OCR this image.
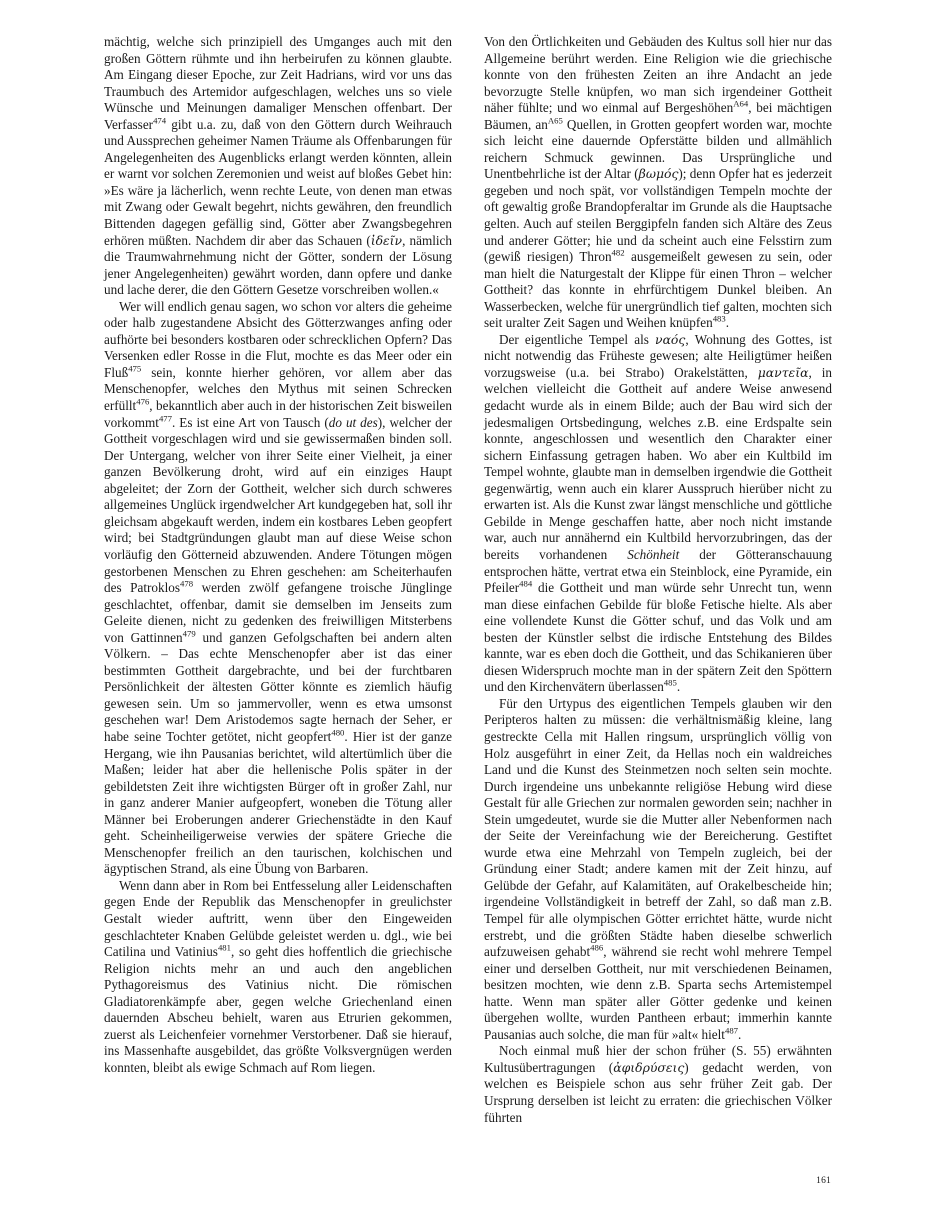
mächtig, welche sich prinzipiell des Umganges auch mit den großen Göttern rühmte und ihn herbeirufen zu können glaubte. Am Eingang dieser Epoche, zur Zeit Hadrians, wird vor uns das Traumbuch des Artemidor aufgeschlagen, welches uns so viele Wünsche und Meinungen damaliger Menschen offenbart. Der Verfasser$^{474}$ gibt u.a. zu, daß von den Göttern durch Weihrauch und Aussprechen geheimer Namen Träume als Offenbarungen für Angelegenheiten des Augenblicks erlangt werden könnten, allein er warnt vor solchen Zeremonien und weist auf bloßes Gebet hin: »Es wäre ja lächerlich, wenn rechte Leute, von denen man etwas mit Zwang oder Gewalt begehrt, nichts gewähren, den freundlich Bittenden dagegen gefällig sind, Götter aber Zwangsbegehren erhören müßten. Nachdem dir aber das Schauen (ἰδεῖν, nämlich die Traumwahrnehmung nicht der Götter, sondern der Lösung jener Angelegenheiten) gewährt worden, dann opfere und danke und lache derer, die den Göttern Gesetze vorschreiben wollen.«

Wer will endlich genau sagen, wo schon vor alters die geheime oder halb zugestandene Absicht des Götterzwanges anfing oder aufhörte bei besonders kostbaren oder schrecklichen Opfern? Das Versenken edler Rosse in die Flut, mochte es das Meer oder ein Fluß$^{475}$ sein, konnte hierher gehören, vor allem aber das Menschenopfer, welches den Mythus mit seinen Schrecken erfüllt$^{476}$, bekanntlich aber auch in der historischen Zeit bisweilen vorkommt$^{477}$. Es ist eine Art von Tausch (do ut des), welcher der Gottheit vorgeschlagen wird und sie gewissermaßen binden soll. Der Untergang, welcher von ihrer Seite einer Vielheit, ja einer ganzen Bevölkerung droht, wird auf ein einziges Haupt abgeleitet; der Zorn der Gottheit, welcher sich durch schweres allgemeines Unglück irgendwelcher Art kundgegeben hat, soll ihr gleichsam abgekauft werden, indem ein kostbares Leben geopfert wird; bei Stadtgründungen glaubt man auf diese Weise schon vorläufig den Götterneid abzuwenden. Andere Tötungen mögen gestorbenen Menschen zu Ehren geschehen: am Scheiterhaufen des Patroklos$^{478}$ werden zwölf gefangene troische Jünglinge geschlachtet, offenbar, damit sie demselben im Jenseits zum Geleite dienen, nicht zu gedenken des freiwilligen Mitsterbens von Gattinnen$^{479}$ und ganzen Gefolgschaften bei andern alten Völkern. – Das echte Menschenopfer aber ist das einer bestimmten Gottheit dargebrachte, und bei der furchtbaren Persönlichkeit der ältesten Götter könnte es ziemlich häufig gewesen sein. Um so jammervoller, wenn es etwa umsonst geschehen war! Dem Aristodemos sagte hernach der Seher, er habe seine Tochter getötet, nicht geopfert$^{480}$. Hier ist der ganze Hergang, wie ihn Pausanias berichtet, wild altertümlich über die Maßen; leider hat aber die hellenische Polis später in der gebildetsten Zeit ihre wichtigsten Bürger oft in großer Zahl, nur in ganz anderer Manier aufgeopfert, woneben die Tötung aller Männer bei Eroberungen anderer Griechenstädte in den Kauf geht. Scheinheiligerweise verwies der spätere Grieche die Menschenopfer freilich an den taurischen, kolchischen und ägyptischen Strand, als eine Übung von Barbaren.

Wenn dann aber in Rom bei Entfesselung aller Leidenschaften gegen Ende der Republik das Menschenopfer in greulichster Gestalt wieder auftritt, wenn über den Eingeweiden geschlachteter Knaben Gelübde geleistet werden u. dgl., wie bei Catilina und Vatinius$^{481}$, so geht dies hoffentlich die griechische Religion nichts mehr an und auch den angeblichen Pythagoreismus des Vatinius nicht. Die römischen Gladiatorenkämpfe aber, gegen welche Griechenland einen dauernden Abscheu behielt, waren aus Etrurien gekommen, zuerst als Leichenfeier vornehmer Verstorbener. Daß sie hierauf, ins Massenhafte ausgebildet, das größte Volksvergnügen werden konnten, bleibt als ewige Schmach auf Rom liegen.

Von den Örtlichkeiten und Gebäuden des Kultus soll hier nur das Allgemeine berührt werden. Eine Religion wie die griechische konnte von den frühesten Zeiten an ihre Andacht an jede bevorzugte Stelle knüpfen, wo man sich irgendeiner Gottheit näher fühlte; und wo einmal auf Bergeshöhen$^{A64}$, bei mächtigen Bäumen, $an^{A65}$ Quellen, in Grotten geopfert worden war, mochte sich leicht eine dauernde Opferstätte bilden und allmählich reichern Schmuck gewinnen. Das Ursprüngliche und Unentbehrliche ist der Altar (βωμός); denn Opfer hat es jederzeit gegeben und noch spät, vor vollständigen Tempeln mochte der oft gewaltig große Brandopferaltar im Grunde als die Hauptsache gelten. Auch auf steilen Berggipfeln fanden sich Altäre des Zeus und anderer Götter; hie und da scheint auch eine Felsstirn zum (gewiß riesigen) Thron$^{482}$ ausgemeißelt gewesen zu sein, oder man hielt die Naturgestalt der Klippe für einen Thron – welcher Gottheit? das konnte in ehrfürchtigem Dunkel bleiben. An Wasserbecken, welche für unergründlich tief galten, mochten sich seit uralter Zeit Sagen und Weihen knüpfen$^{483}$.

Der eigentliche Tempel als ναός, Wohnung des Gottes, ist nicht notwendig das Früheste gewesen; alte Heiligtümer heißen vorzugsweise (u.a. bei Strabo) Orakelstätten, μαντεῖα, in welchen vielleicht die Gottheit auf andere Weise anwesend gedacht wurde als in einem Bilde; auch der Bau wird sich der jedesmaligen Ortsbedingung, welches z.B. eine Erdspalte sein konnte, angeschlossen und wesentlich den Charakter einer sichern Einfassung getragen haben. Wo aber ein Kultbild im Tempel wohnte, glaubte man in demselben irgendwie die Gottheit gegenwärtig, wenn auch ein klarer Ausspruch hierüber nicht zu erwarten ist. Als die Kunst zwar längst menschliche und göttliche Gebilde in Menge geschaffen hatte, aber noch nicht imstande war, auch nur annähernd ein Kultbild hervorzubringen, das der bereits vorhandenen Schönheit der Götteranschauung entsprochen hätte, vertrat etwa ein Steinblock, eine Pyramide, ein Pfeiler$^{484}$ die Gottheit und man würde sehr Unrecht tun, wenn man diese einfachen Gebilde für bloße Fetische hielte. Als aber eine vollendete Kunst die Götter schuf, und das Volk und am besten der Künstler selbst die irdische Entstehung des Bildes kannte, war es eben doch die Gottheit, und das Schikanieren über diesen Widerspruch mochte man in der spätern Zeit den Spöttern und den Kirchenvätern überlassen$^{485}$.

Für den Urtypus des eigentlichen Tempels glauben wir den Peripteros halten zu müssen: die verhältnismäßig kleine, lang gestreckte Cella mit Hallen ringsum, ursprünglich völlig von Holz ausgeführt in einer Zeit, da Hellas noch ein waldreiches Land und die Kunst des Steinmetzen noch selten sein mochte. Durch irgendeine uns unbekannte religiöse Hebung wird diese Gestalt für alle Griechen zur normalen geworden sein; nachher in Stein umgedeutet, wurde sie die Mutter aller Nebenformen nach der Seite der Vereinfachung wie der Bereicherung. Gestiftet wurde etwa eine Mehrzahl von Tempeln zugleich, bei der Gründung einer Stadt; andere kamen mit der Zeit hinzu, auf Gelübde der Gefahr, auf Kalamitäten, auf Orakelbescheide hin; irgendeine Vollständigkeit in betreff der Zahl, so daß man z.B. Tempel für alle olympischen Götter errichtet hätte, wurde nicht erstrebt, und die größten Städte haben dieselbe schwerlich aufzuweisen gehabt$^{486}$, während sie recht wohl mehrere Tempel einer und derselben Gottheit, nur mit verschiedenen Beinamen, besitzen mochten, wie denn z.B. Sparta sechs Artemistempel hatte. Wenn man später aller Götter gedenke und keinen übergehen wollte, wurden Pantheen erbaut; immerhin kannte Pausanias auch solche, die man für »alt« hielt$^{487}$.

Noch einmal muß hier der schon früher (S. 55) erwähnten Kultusübertragungen (ἀφιδρύσεις) gedacht werden, von welchen es Beispiele schon aus sehr früher Zeit gab. Der Ursprung derselben ist leicht zu erraten: die griechischen Völker führten

161
